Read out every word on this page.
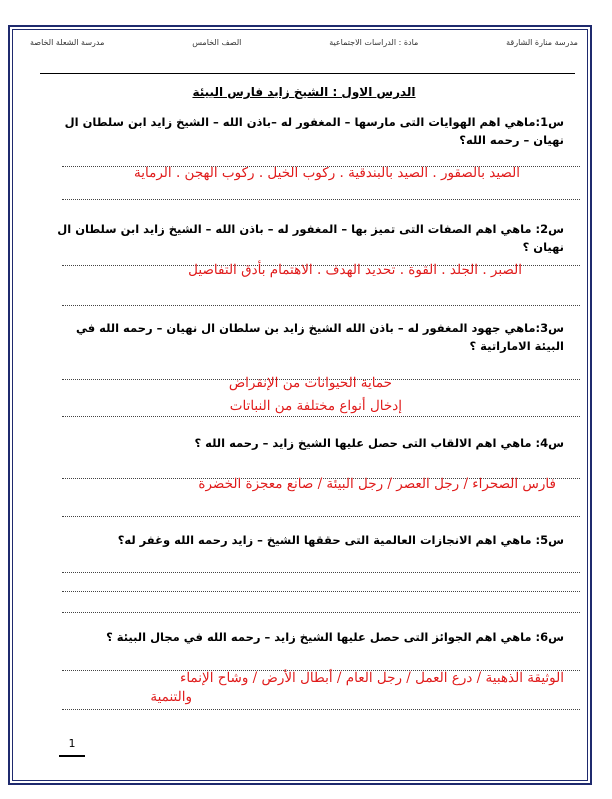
مدرسة منارة الشارقة
مادة : الدراسات الاجتماعية
الصف الخامس
مدرسة الشعلة الخاصة
الدرس الاول : الشيخ زايد فارس البيئة
س1:ماهي اهم الهوايات التى مارسها – المغفور له –باذن الله – الشيخ زايد ابن سلطان ال نهيان – رحمه الله؟
الصيد بالصقور . الصيد بالبندقية . ركوب الخيل . ركوب الهجن . الرماية
س2: ماهي اهم الصفات التى تميز بها – المغفور له – باذن الله – الشيخ زايد ابن سلطان ال نهيان ؟
الصبر . الجلد . القوة . تحديد الهدف . الاهتمام بأدق التفاصيل
س3:ماهي جهود المغفور له – باذن الله الشيخ زايد بن سلطان ال نهيان – رحمه الله في البيئة الاماراتية ؟
حماية الحيوانات من الإنقراض
إدخال أنواع مختلفة من النباتات
س4: ماهي اهم الالقاب التى حصل عليها الشيخ زايد – رحمه الله ؟
فارس الصحراء / رجل العصر / رجل البيئة / صانع معجزة الخضرة
س5: ماهي اهم الانجازات العالمية التى حققها الشيخ – زايد رحمه الله وغفر له؟
س6: ماهي اهم الجوائز التى حصل عليها الشيخ زايد – رحمه الله في مجال البيئة ؟
الوثيقة الذهبية / درع العمل / رجل العام / أبطال الأرض / وشاح الإنماء
والتنمية
1
